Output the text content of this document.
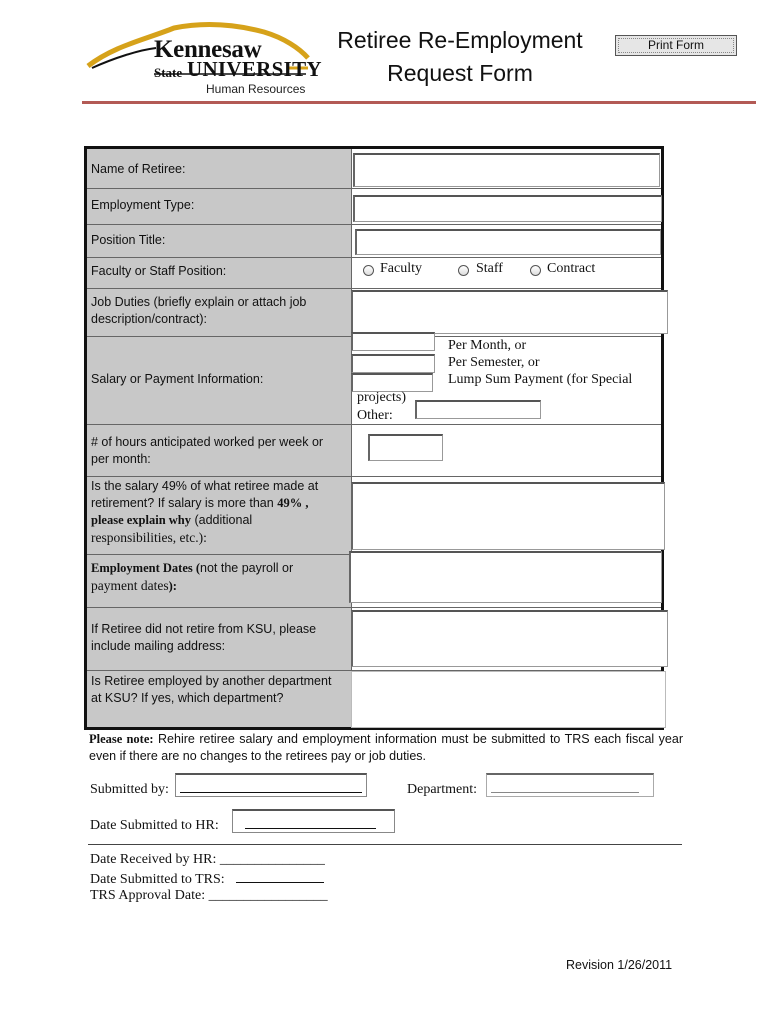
Kennesaw
State UNIVERSITY
Human Resources
Retiree Re-Employment
Request Form
Print Form
Name of Retiree:
Employment Type:
Position Title:
Faculty or Staff Position:	Faculty	Staff	Contract
Job Duties (briefly explain or attach job description/contract):
Salary or Payment Information:
Per Month, or
Per Semester, or
Lump Sum Payment (for Special
projects)
Other:
# of hours anticipated worked per week or per month:
Is the salary 49% of what retiree made at retirement? If salary is more than 49% , please explain why (additional
responsibilities, etc.):
Employment Dates (not the payroll or
payment dates):
If Retiree did not retire from KSU, please include mailing address:
Is Retiree employed by another department at KSU? If yes, which department?
Please note: Rehire retiree salary and employment information must be submitted to TRS each fiscal year even if there are no changes to the retirees pay or job duties.
Submitted by:	Department:
Date Submitted to HR:
Date Received by HR: _______________
Date Submitted to TRS:
TRS Approval Date: _________________
Revision 1/26/2011
